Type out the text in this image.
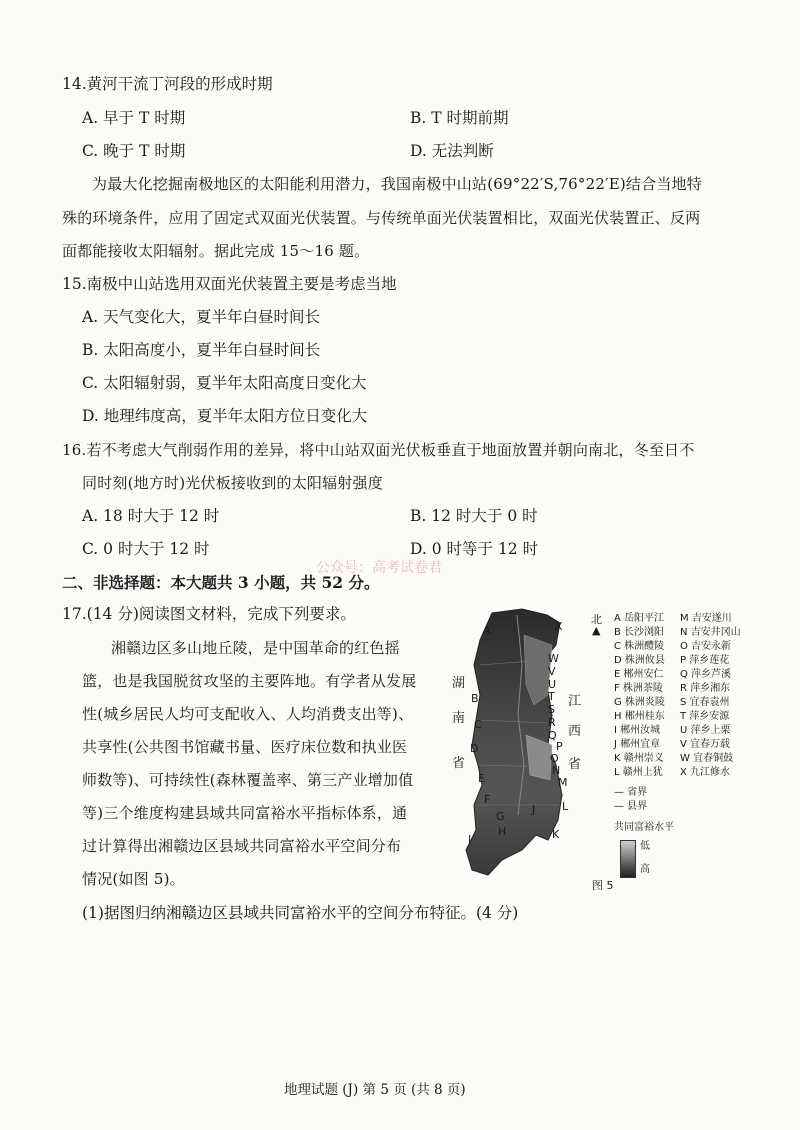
14.黄河干流丁河段的形成时期
A. 早于 T 时期	B. T 时期前期
C. 晚于 T 时期	D. 无法判断
为最大化挖掘南极地区的太阳能利用潜力，我国南极中山站(69°22′S,76°22′E)结合当地特
殊的环境条件，应用了固定式双面光伏装置。与传统单面光伏装置相比，双面光伏装置正、反两
面都能接收太阳辐射。据此完成 15～16 题。
15.南极中山站选用双面光伏装置主要是考虑当地
A. 天气变化大，夏半年白昼时间长
B. 太阳高度小，夏半年白昼时间长
C. 太阳辐射弱，夏半年太阳高度日变化大
D. 地理纬度高，夏半年太阳方位日变化大
16.若不考虑大气削弱作用的差异，将中山站双面光伏板垂直于地面放置并朝向南北，冬至日不
同时刻(地方时)光伏板接收到的太阳辐射强度
A. 18 时大于 12 时	B. 12 时大于 0 时
C. 0 时大于 12 时	D. 0 时等于 12 时
公众号：高考试卷君
二、非选择题：本大题共 3 小题，共 52 分。
17.(14 分)阅读图文材料，完成下列要求。
湘赣边区多山地丘陵，是中国革命的红色摇
篮，也是我国脱贫攻坚的主要阵地。有学者从发展
性(城乡居民人均可支配收入、人均消费支出等)、
共享性(公共图书馆藏书量、医疗床位数和执业医
师数等)、可持续性(森林覆盖率、第三产业增加值
等)三个维度构建县域共同富裕水平指标体系，通
过计算得出湘赣边区县域共同富裕水平空间分布
情况(如图 5)。
(1)据图归纳湘赣边区县域共同富裕水平的空间分布特征。(4 分)
A
B
C
D
E
F
G
H
I
X
W
V
U
T
S
R
Q
P
O
N
M
L
K
J
湖
南
省
江
西
省
北
▲
A 岳阳平江 M 吉安遂川
B 长沙浏阳 N 吉安井冈山
C 株洲醴陵 O 吉安永新
D 株洲攸县 P 萍乡莲花
E 郴州安仁 Q 萍乡芦溪
F 株洲茶陵 R 萍乡湘东
G 株洲炎陵 S 宜春袁州
H 郴州桂东 T 萍乡安源
I 郴州汝城 U 萍乡上栗
J 郴州宜章 V 宜春万载
K 赣州崇义 W 宜春铜鼓
L 赣州上犹 X 九江修水
— 省界
— 县界
共同富裕水平
低
高
图 5
地理试题 (J) 第 5 页 (共 8 页)
